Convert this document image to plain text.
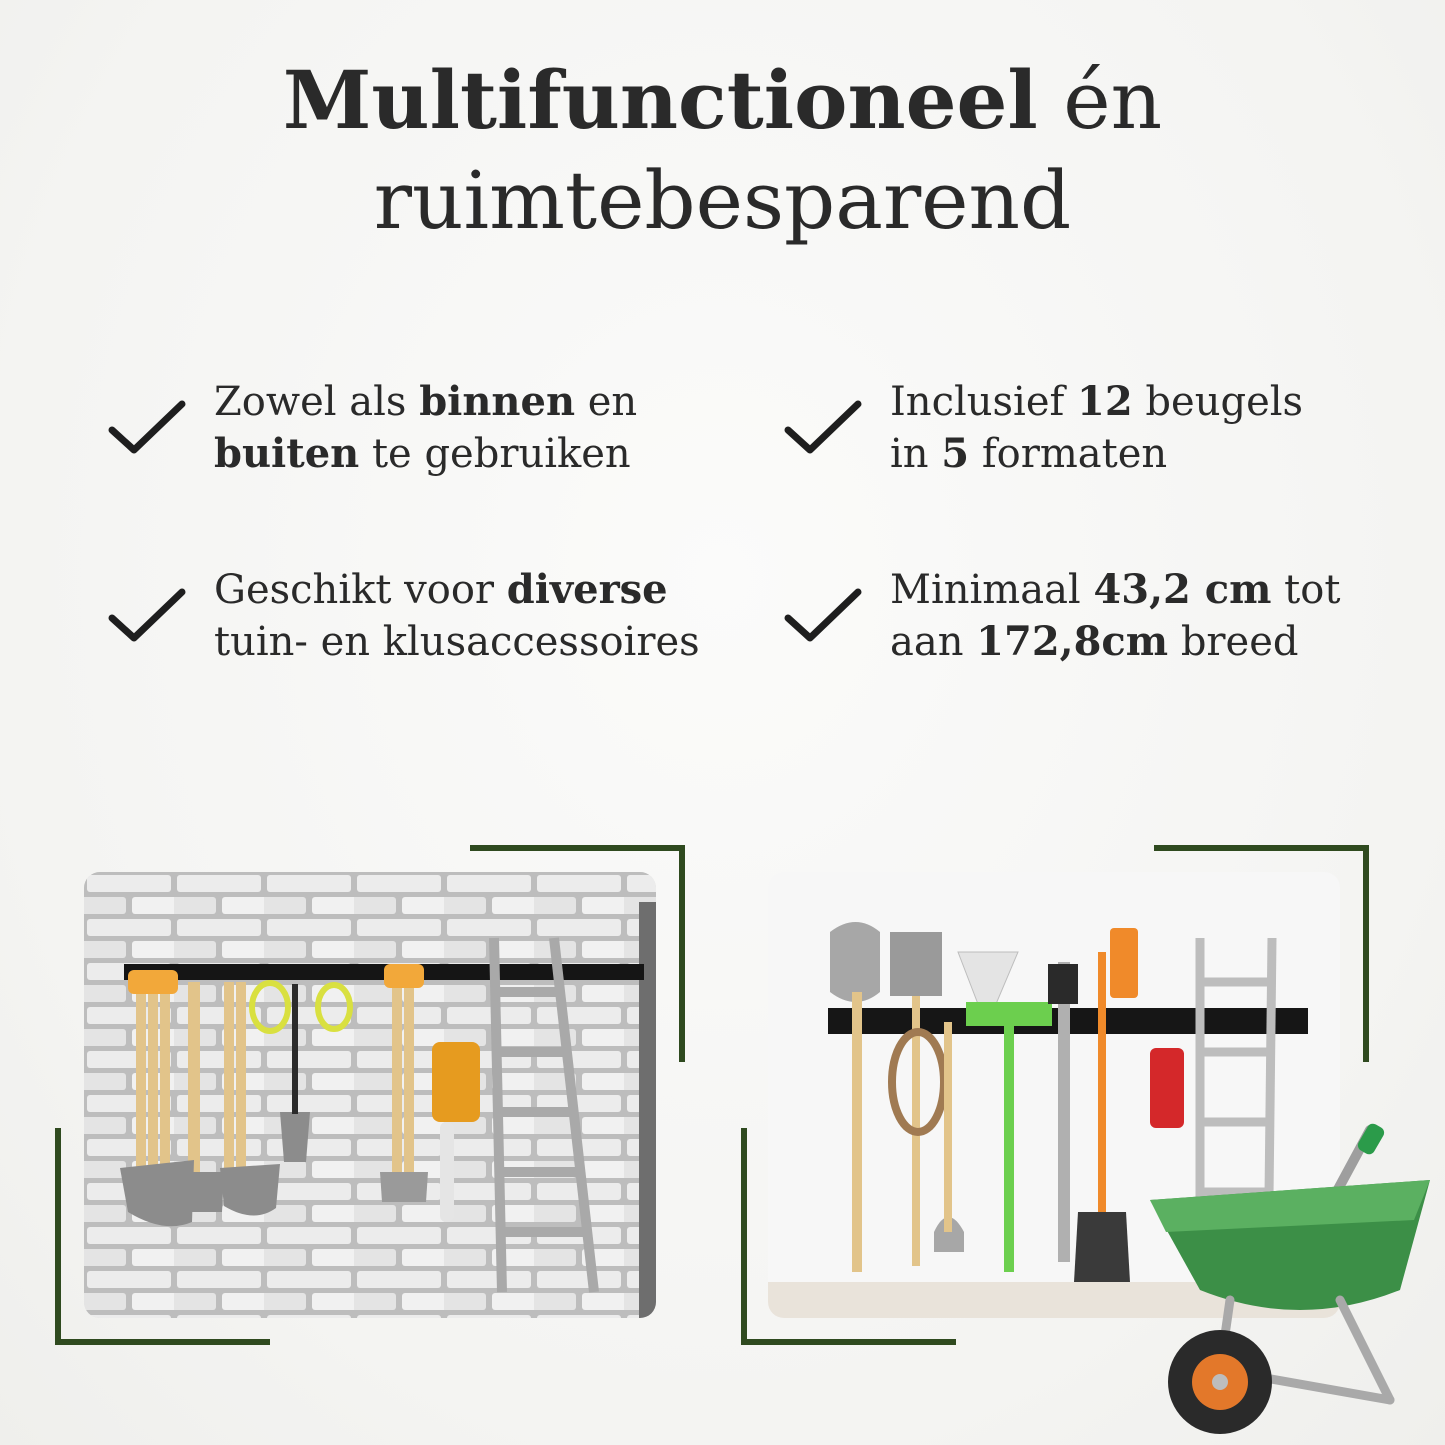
Multifunctioneel én
ruimtebesparend
Zowel als binnen en
buiten te gebruiken
Inclusief 12 beugels
in 5 formaten
Geschikt voor diverse
tuin- en klusaccessoires
Minimaal 43,2 cm tot
aan 172,8cm breed
